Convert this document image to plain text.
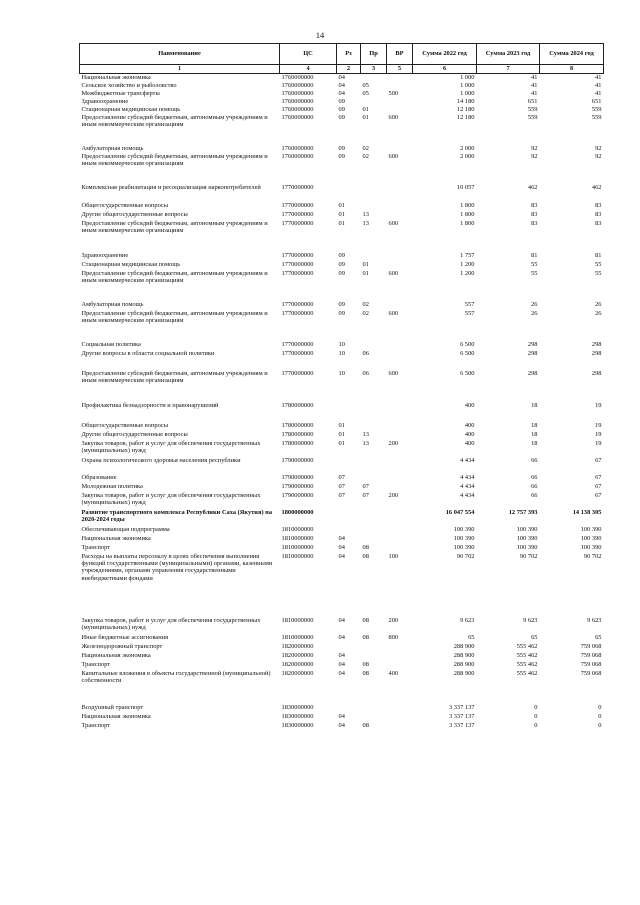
14
Наименование	ЦС	Рз	Пр	ВР	Сумма 2022 год	Сумма 2023 год	Сумма 2024 год
1	4	2	3	5	6	7	8
Национальная экономика	1760000000	04			1 000	41	41
Сельское хозяйство и рыболовство	1760000000	04	05		1 000	41	41
Межбюджетные трансферты	1760000000	04	05	500	1 000	41	41
Здравоохранение	1760000000	09			14 180	651	651
Стационарная медицинская помощь	1760000000	09	01		12 180	559	559
Предоставление субсидий бюджетным, автономным учреждениям и иным некоммерческим организациям	1760000000	09	01	600	12 180	559	559
Амбулаторная помощь	1760000000	09	02		2 000	92	92
Предоставление субсидий бюджетным, автономным учреждениям и иным некоммерческим организациям	1760000000	09	02	600	2 000	92	92
Комплексная реабилитация и ресоциализация наркопотребителей	1770000000				10 057	462	462
Общегосударственные вопросы	1770000000	01			1 800	83	83
Другие общегосударственные вопросы	1770000000	01	13		1 800	83	83
Предоставление субсидий бюджетным, автономным учреждениям и иным некоммерческим организациям	1770000000	01	13	600	1 800	83	83
Здравоохранение	1770000000	09			1 757	81	81
Стационарная медицинская помощь	1770000000	09	01		1 200	55	55
Предоставление субсидий бюджетным, автономным учреждениям и иным некоммерческим организациям	1770000000	09	01	600	1 200	55	55
Амбулаторная помощь	1770000000	09	02		557	26	26
Предоставление субсидий бюджетным, автономным учреждениям и иным некоммерческим организациям	1770000000	09	02	600	557	26	26
Социальная политика	1770000000	10			6 500	298	298
Другие вопросы в области социальной политики	1770000000	10	06		6 500	298	298
Предоставление субсидий бюджетным, автономным учреждениям и иным некоммерческим организациям	1770000000	10	06	600	6 500	298	298
Профилактика безнадзорности и правонарушений	1780000000				400	18	19
Общегосударственные вопросы	1780000000	01			400	18	19
Другие общегосударственные вопросы	1780000000	01	13		400	18	19
Закупка товаров, работ и услуг для обеспечения государственных (муниципальных) нужд	1780000000	01	13	200	400	18	19
Охрана психологического здоровья населения республики	1790000000				4 434	66	67
Образование	1790000000	07			4 434	66	67
Молодежная политика	1790000000	07	07		4 434	66	67
Закупка товаров, работ и услуг для обеспечения государственных (муниципальных) нужд	1790000000	07	07	200	4 434	66	67
Развитие транспортного комплекса Республики Саха (Якутия) на 2020-2024 годы	1800000000				16 047 554	12 757 393	14 138 305
Обеспечивающая подпрограмма	1810000000				100 390	100 390	100 390
Национальная экономика	1810000000	04			100 390	100 390	100 390
Транспорт	1810000000	04	08		100 390	100 390	100 390
Расходы на выплаты персоналу в целях обеспечения выполнения функций государственными (муниципальными) органами, казенными учреждениями, органами управления государственными внебюджетными фондами	1810000000	04	08	100	90 702	90 702	90 702
Закупка товаров, работ и услуг для обеспечения государственных (муниципальных) нужд	1810000000	04	08	200	9 623	9 623	9 623
Иные бюджетные ассигнования	1810000000	04	08	800	65	65	65
Железнодорожный транспорт	1820000000				288 900	555 462	759 068
Национальная экономика	1820000000	04			288 900	555 462	759 068
Транспорт	1820000000	04	08		288 900	555 462	759 068
Капитальные вложения в объекты государственной (муниципальной) собственности	1820000000	04	08	400	288 900	555 462	759 068
Воздушный транспорт	1830000000				3 337 137	0	0
Национальная экономика	1830000000	04			3 337 137	0	0
Транспорт	1830000000	04	08		3 337 137	0	0
